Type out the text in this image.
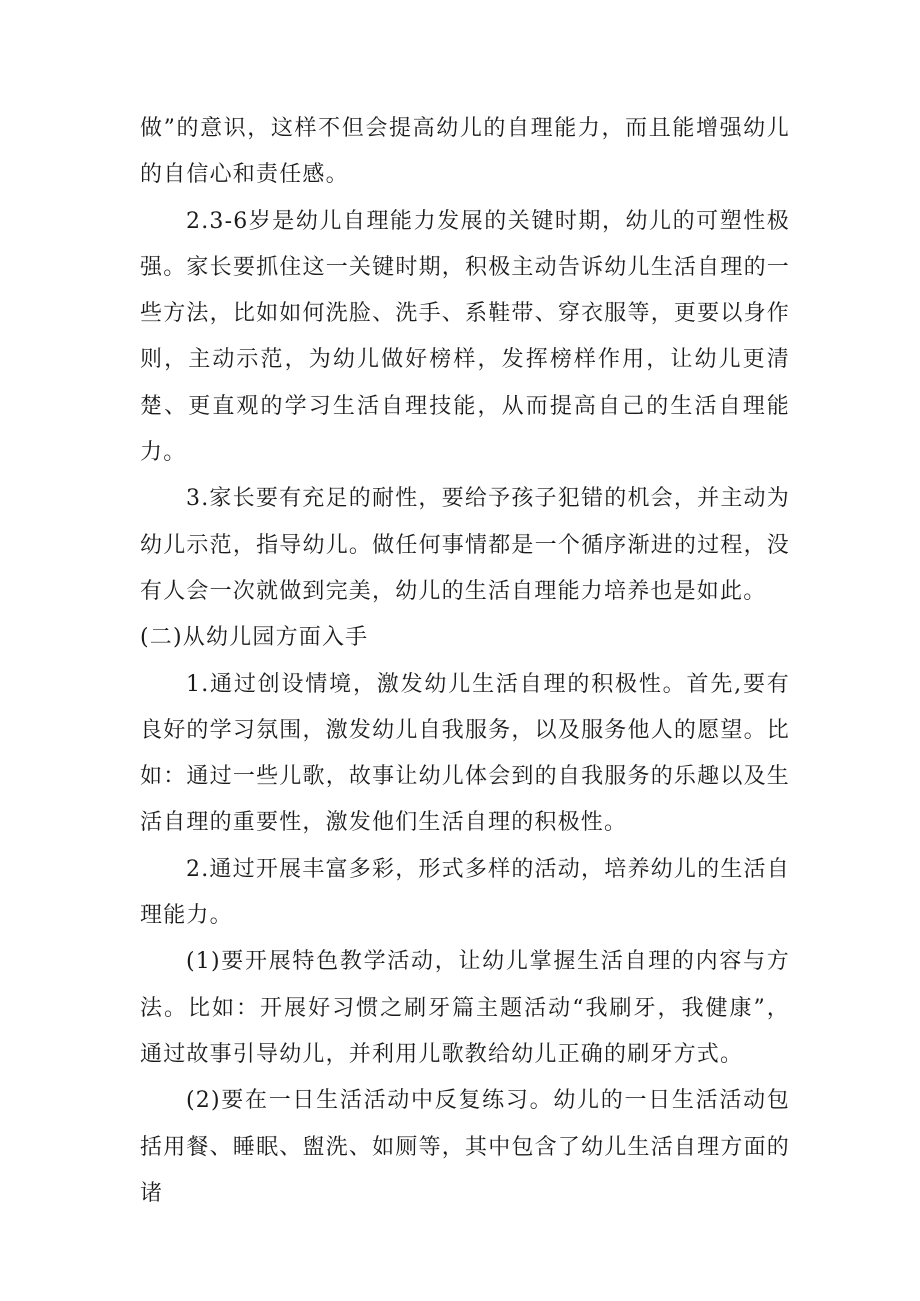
做”的意识，这样不但会提高幼儿的自理能力，而且能增强幼儿的自信心和责任感。

2.3-6岁是幼儿自理能力发展的关键时期，幼儿的可塑性极强。家长要抓住这一关键时期，积极主动告诉幼儿生活自理的一些方法，比如如何洗脸、洗手、系鞋带、穿衣服等，更要以身作则，主动示范，为幼儿做好榜样，发挥榜样作用，让幼儿更清楚、更直观的学习生活自理技能，从而提高自己的生活自理能力。

3.家长要有充足的耐性，要给予孩子犯错的机会，并主动为幼儿示范，指导幼儿。做任何事情都是一个循序渐进的过程，没有人会一次就做到完美，幼儿的生活自理能力培养也是如此。

(二)从幼儿园方面入手

1.通过创设情境，激发幼儿生活自理的积极性。首先,要有良好的学习氛围，激发幼儿自我服务，以及服务他人的愿望。比如：通过一些儿歌，故事让幼儿体会到的自我服务的乐趣以及生活自理的重要性，激发他们生活自理的积极性。

2.通过开展丰富多彩，形式多样的活动，培养幼儿的生活自理能力。

(1)要开展特色教学活动，让幼儿掌握生活自理的内容与方法。比如：开展好习惯之刷牙篇主题活动“我刷牙，我健康”，通过故事引导幼儿，并利用儿歌教给幼儿正确的刷牙方式。

(2)要在一日生活活动中反复练习。幼儿的一日生活活动包括用餐、睡眠、盥洗、如厕等，其中包含了幼儿生活自理方面的诸
